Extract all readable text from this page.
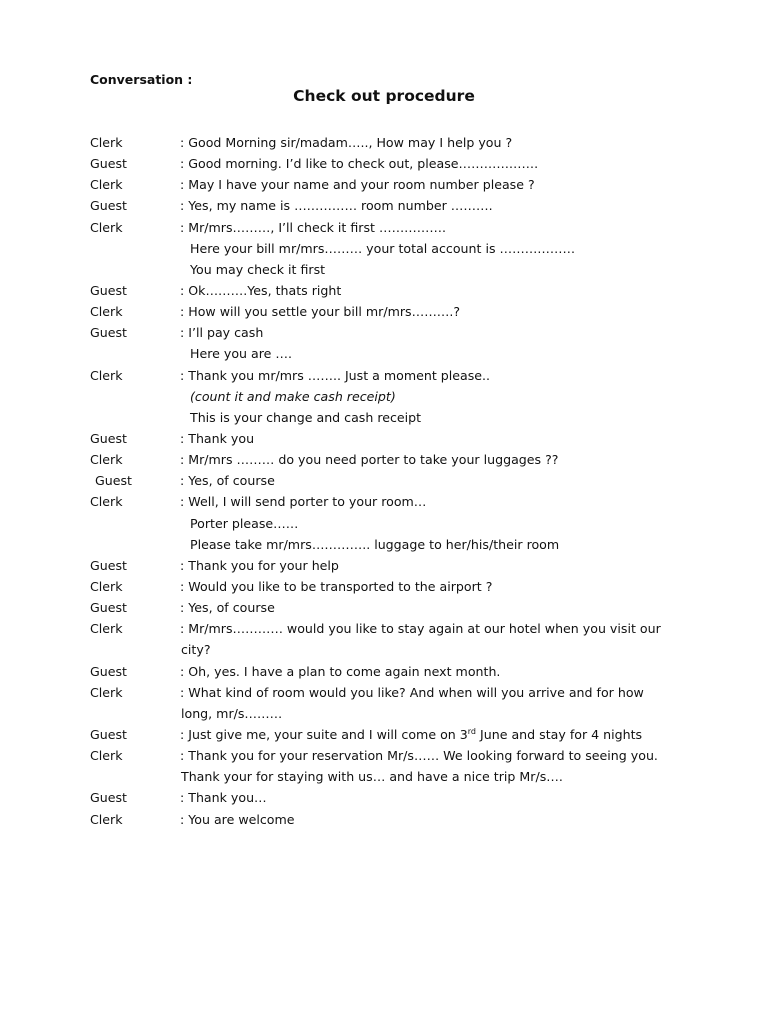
Conversation :
Check out procedure
Clerk	: Good Morning sir/madam….., How may I help you ?
Guest	: Good morning. I’d like to check out, please……………….
Clerk	: May I have your name and your room number please ?
Guest	: Yes, my name is …………… room number ……….
Clerk	: Mr/mrs………, I’ll check it first …………….
Here your bill mr/mrs……… your total account is ………………
You may check it first
Guest	: Ok……….Yes, thats right
Clerk	: How will you settle your bill mr/mrs……….?
Guest	: I’ll pay cash
Here you are ….
Clerk	: Thank you mr/mrs …….. Just a moment please..
(count it and make cash receipt)
This is your change and cash receipt
Guest	: Thank you
Clerk	: Mr/mrs ……… do you need porter to take your luggages ??
Guest	: Yes, of course
Clerk	: Well, I will send porter to your room…
Porter please……
Please take mr/mrs………….. luggage to her/his/their room
Guest	: Thank you for your help
Clerk	: Would you like to be transported to the airport ?
Guest	: Yes, of course
Clerk	: Mr/mrs………… would you like to stay again at our hotel when you visit our
city?
Guest	: Oh, yes. I have a plan to come again next month.
Clerk	: What kind of room would you like? And when will you arrive and for how
long, mr/s………
Guest	: Just give me, your suite and I will come on 3rd June and stay for 4 nights
Clerk	: Thank you for your reservation Mr/s…… We looking forward to seeing you.
Thank your for staying with us… and have a nice trip Mr/s….
Guest	: Thank you…
Clerk	: You are welcome
